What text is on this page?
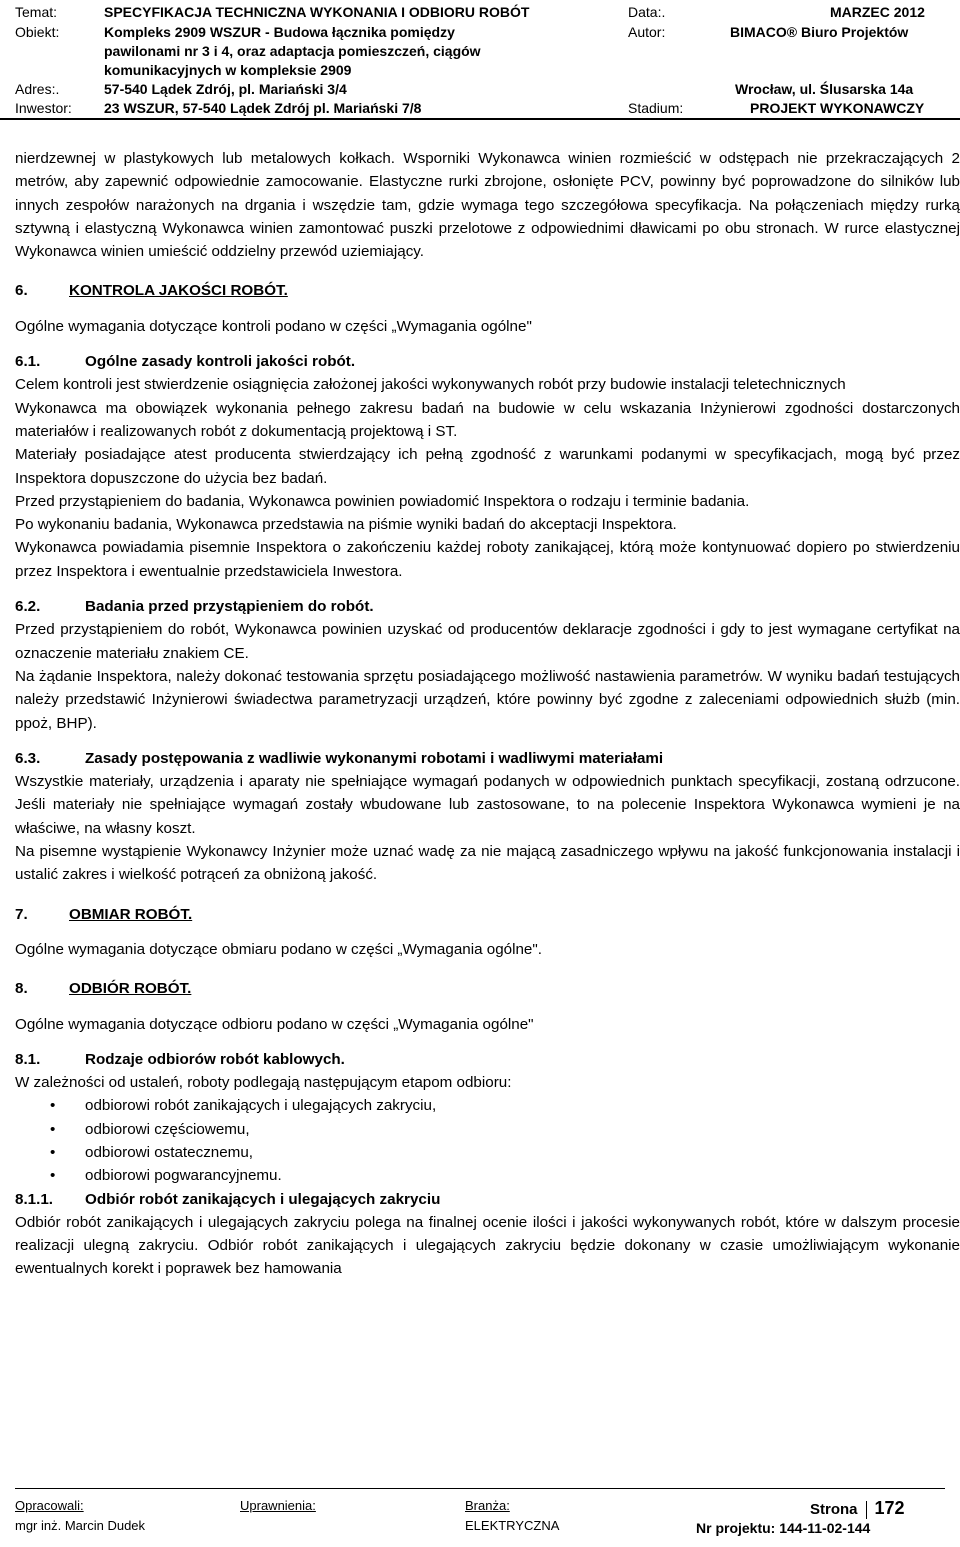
Temat:	SPECYFIKACJA TECHNICZNA WYKONANIA I ODBIORU ROBÓT	Data:.	MARZEC 2012
Obiekt:	Kompleks 2909 WSZUR - Budowa łącznika pomiędzy
pawilonami nr 3 i 4, oraz adaptacja pomieszczeń, ciągów
komunikacyjnych w kompleksie 2909
Autor:	BIMACO® Biuro Projektów
Adres:.	57-540 Lądek Zdrój, pl. Mariański 3/4	Wrocław, ul. Ślusarska 14a
Inwestor: 23 WSZUR, 57-540 Lądek Zdrój pl. Mariański 7/8	Stadium:	PROJEKT WYKONAWCZY

nierdzewnej w plastykowych lub metalowych kołkach. Wsporniki Wykonawca winien rozmieścić w odstępach nie przekraczających 2 metrów, aby zapewnić odpowiednie zamocowanie. Elastyczne rurki zbrojone, osłonięte PCV, powinny być poprowadzone do silników lub innych zespołów narażonych na drgania i wszędzie tam, gdzie wymaga tego szczegółowa specyfikacja. Na połączeniach między rurką sztywną i elastyczną Wykonawca winien zamontować puszki przelotowe z odpowiednimi dławicami po obu stronach. W rurce elastycznej Wykonawca winien umieścić oddzielny przewód uziemiający.

6.	KONTROLA JAKOŚCI ROBÓT.

Ogólne wymagania dotyczące kontroli podano w części „Wymagania ogólne"

6.1.	Ogólne zasady kontroli jakości robót.

Celem kontroli jest stwierdzenie osiągnięcia założonej jakości wykonywanych robót przy budowie instalacji teletechnicznych

Wykonawca ma obowiązek wykonania pełnego zakresu badań na budowie w celu wskazania Inżynierowi zgodności dostarczonych materiałów i realizowanych robót z dokumentacją projektową i ST.

Materiały posiadające atest producenta stwierdzający ich pełną zgodność z warunkami podanymi w specyfikacjach, mogą być przez Inspektora dopuszczone do użycia bez badań.

Przed przystąpieniem do badania, Wykonawca powinien powiadomić Inspektora o rodzaju i terminie badania.

Po wykonaniu badania, Wykonawca przedstawia na piśmie wyniki badań do akceptacji Inspektora.

Wykonawca powiadamia pisemnie Inspektora o zakończeniu każdej roboty zanikającej, którą może kontynuować dopiero po stwierdzeniu przez Inspektora i ewentualnie przedstawiciela Inwestora.

6.2.	Badania przed przystąpieniem do robót.

Przed przystąpieniem do robót, Wykonawca powinien uzyskać od producentów deklaracje zgodności i gdy to jest wymagane certyfikat na oznaczenie materiału znakiem CE.

Na żądanie Inspektora, należy dokonać testowania sprzętu posiadającego możliwość nastawienia parametrów. W wyniku badań testujących należy przedstawić Inżynierowi świadectwa parametryzacji urządzeń, które powinny być zgodne z zaleceniami odpowiednich służb (min. ppoż, BHP).

6.3.	Zasady postępowania z wadliwie wykonanymi robotami i wadliwymi materiałami

Wszystkie materiały, urządzenia i aparaty nie spełniające wymagań podanych w odpowiednich punktach specyfikacji, zostaną odrzucone. Jeśli materiały nie spełniające wymagań zostały wbudowane lub zastosowane, to na polecenie Inspektora Wykonawca wymieni je na właściwe, na własny koszt.

Na pisemne wystąpienie Wykonawcy Inżynier może uznać wadę za nie mającą zasadniczego wpływu na jakość funkcjonowania instalacji i ustalić zakres i wielkość potrąceń za obniżoną jakość.

7.	OBMIAR ROBÓT.

Ogólne wymagania dotyczące obmiaru podano w części „Wymagania ogólne".

8.	ODBIÓR ROBÓT.

Ogólne wymagania dotyczące odbioru podano w części „Wymagania ogólne"

8.1.	Rodzaje odbiorów robót kablowych.

W zależności od ustaleń, roboty podlegają następującym etapom odbioru:

• odbiorowi robót zanikających i ulegających zakryciu,
• odbiorowi częściowemu,
• odbiorowi ostatecznemu,
• odbiorowi pogwarancyjnemu.

8.1.1. Odbiór robót zanikających i ulegających zakryciu

Odbiór robót zanikających i ulegających zakryciu polega na finalnej ocenie ilości i jakości wykonywanych robót, które w dalszym procesie realizacji ulegną zakryciu. Odbiór robót zanikających i ulegających zakryciu będzie dokonany w czasie umożliwiającym wykonanie ewentualnych korekt i poprawek bez hamowania

Opracowali:
mgr inż. Marcin Dudek
Uprawnienia:	Branża:
ELEKTRYCZNA
Strona 172
Nr projektu: 144-11-02-144
